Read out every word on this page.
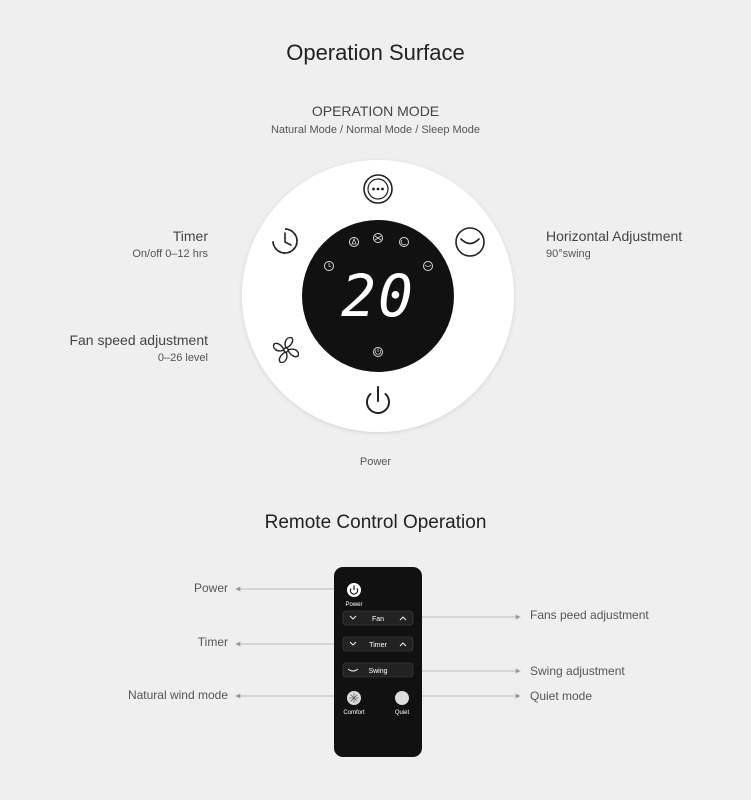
Operation Surface
OPERATION MODE
Natural Mode / Normal Mode / Sleep Mode
Timer
On/off 0–12 hrs
Horizontal Adjustment
90°swing
Fan speed adjustment
0–26 level
Power
20
Remote Control Operation
Power
Timer
Natural wind mode
Fans peed adjustment
Swing adjustment
Quiet mode
Power
Fan
Timer
Swing
Comfort	Quiet
